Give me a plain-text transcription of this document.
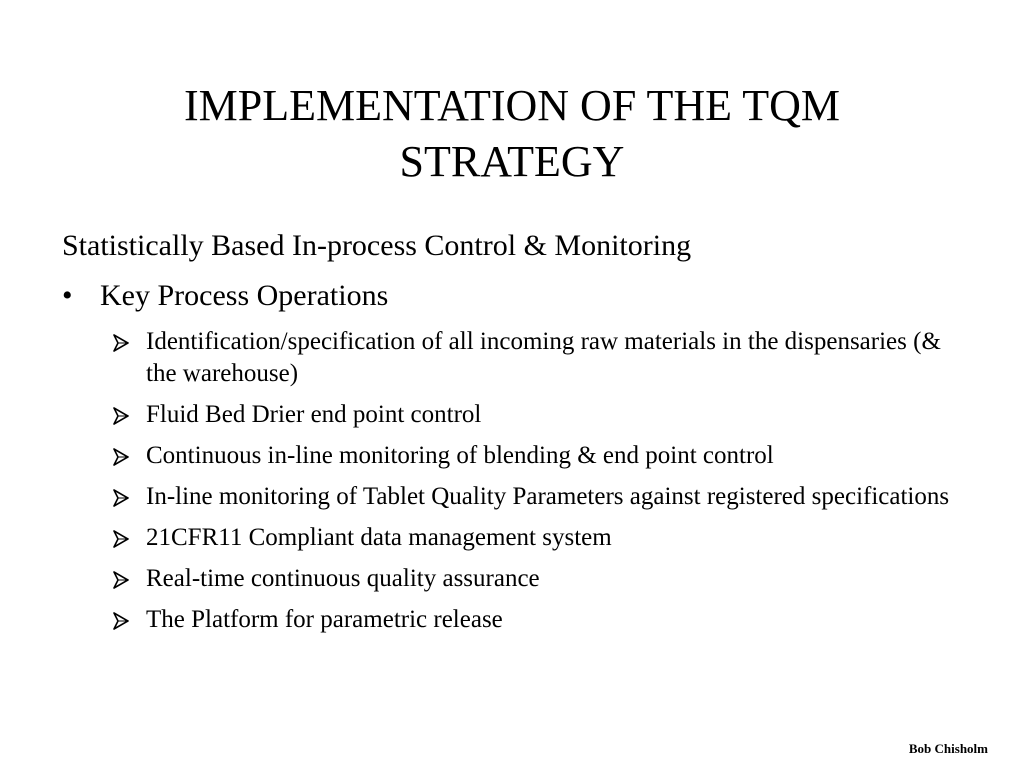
IMPLEMENTATION OF THE TQM
STRATEGY
Statistically Based In-process Control & Monitoring
• Key Process Operations
Identification/specification of all incoming raw materials in the dispensaries (& the warehouse)
Fluid Bed Drier end point control
Continuous in-line monitoring of blending & end point control
In-line monitoring of Tablet Quality Parameters against registered specifications
21CFR11 Compliant data management system
Real-time continuous quality assurance
The Platform for parametric release
Bob Chisholm
